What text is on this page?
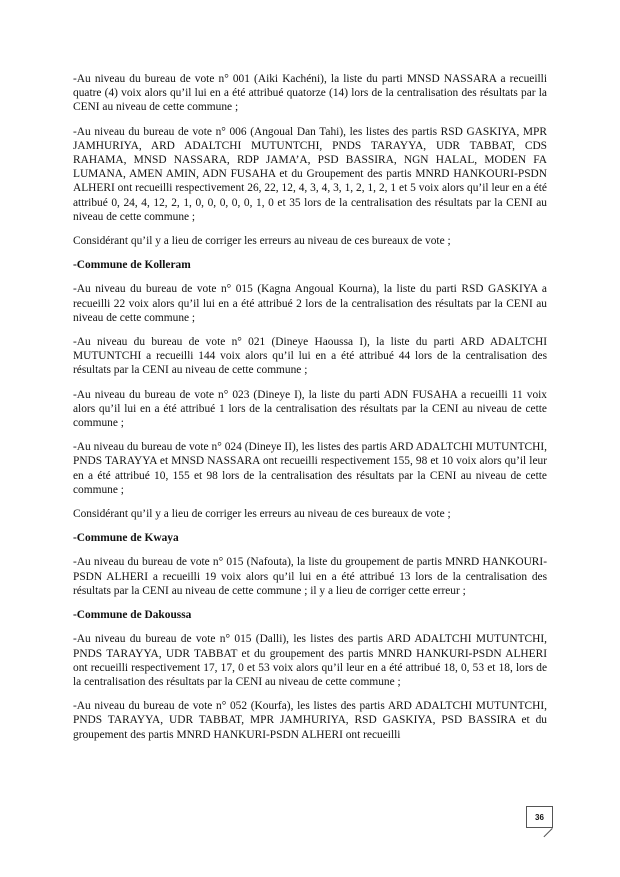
-Au niveau du bureau de vote n° 001 (Aiki Kachéni), la liste du parti MNSD NASSARA a recueilli quatre (4) voix alors qu’il lui en a été attribué quatorze (14) lors de la centralisation des résultats par la CENI au niveau de cette commune ;

-Au niveau du bureau de vote n° 006 (Angoual Dan Tahi), les listes des partis RSD GASKIYA, MPR JAMHURIYA, ARD ADALTCHI MUTUNTCHI, PNDS TARAYYA, UDR TABBAT, CDS RAHAMA, MNSD NASSARA, RDP JAMA’A, PSD BASSIRA, NGN HALAL, MODEN FA LUMANA, AMEN AMIN, ADN FUSAHA et du Groupement des partis MNRD HANKOURI-PSDN ALHERI ont recueilli respectivement 26, 22, 12, 4, 3, 4, 3, 1, 2, 1, 2, 1 et 5 voix alors qu’il leur en a été attribué 0, 24, 4, 12, 2, 1, 0, 0, 0, 0, 0, 1, 0 et 35 lors de la centralisation des résultats par la CENI au niveau de cette commune ;

Considérant qu’il y a lieu de corriger les erreurs au niveau de ces bureaux de vote ;

-Commune de Kolleram

-Au niveau du bureau de vote n° 015 (Kagna Angoual Kourna), la liste du parti RSD GASKIYA a recueilli 22 voix alors qu’il lui en a été attribué 2 lors de la centralisation des résultats par la CENI au niveau de cette commune ;

-Au niveau du bureau de vote n° 021 (Dineye Haoussa I), la liste du parti ARD ADALTCHI MUTUNTCHI a recueilli 144 voix alors qu’il lui en a été attribué 44 lors de la centralisation des résultats par la CENI au niveau de cette commune ;

-Au niveau du bureau de vote n° 023 (Dineye I), la liste du parti ADN FUSAHA a recueilli 11 voix alors qu’il lui en a été attribué 1 lors de la centralisation des résultats par la CENI au niveau de cette commune ;

-Au niveau du bureau de vote n° 024 (Dineye II), les listes des partis ARD ADALTCHI MUTUNTCHI, PNDS TARAYYA et MNSD NASSARA ont recueilli respectivement 155, 98 et 10 voix alors qu’il leur en a été attribué 10, 155 et 98 lors de la centralisation des résultats par la CENI au niveau de cette commune ;

Considérant qu’il y a lieu de corriger les erreurs au niveau de ces bureaux de vote ;

-Commune de Kwaya

-Au niveau du bureau de vote n° 015 (Nafouta), la liste du groupement de partis MNRD HANKOURI-PSDN ALHERI a recueilli 19 voix alors qu’il lui en a été attribué 13 lors de la centralisation des résultats par la CENI au niveau de cette commune ; il y a lieu de corriger cette erreur ;

-Commune de Dakoussa

-Au niveau du bureau de vote n° 015 (Dalli), les listes des partis ARD ADALTCHI MUTUNTCHI, PNDS TARAYYA, UDR TABBAT et du groupement des partis MNRD HANKURI-PSDN ALHERI ont recueilli respectivement 17, 17, 0 et 53 voix alors qu’il leur en a été attribué 18, 0, 53 et 18, lors de la centralisation des résultats par la CENI au niveau de cette commune ;

-Au niveau du bureau de vote n° 052 (Kourfa), les listes des partis ARD ADALTCHI MUTUNTCHI, PNDS TARAYYA, UDR TABBAT, MPR JAMHURIYA, RSD GASKIYA, PSD BASSIRA et du groupement des partis MNRD HANKURI-PSDN ALHERI ont recueilli

36
